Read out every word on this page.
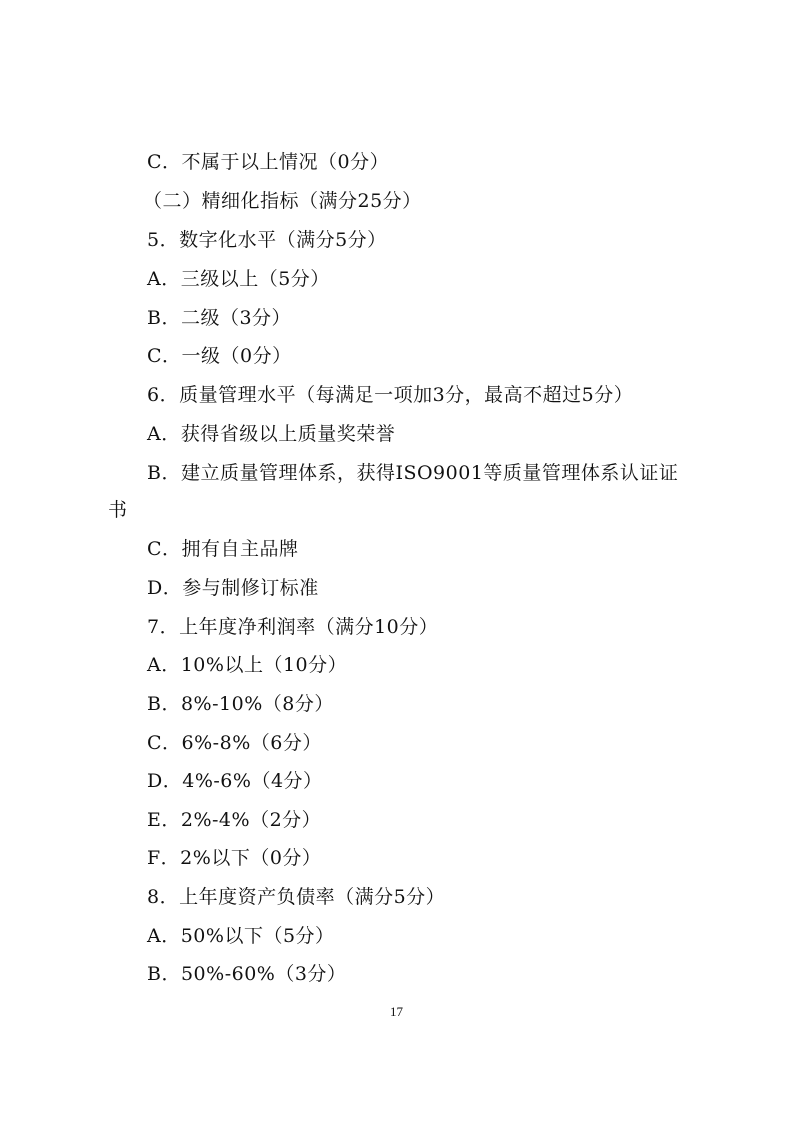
C．不属于以上情况（0分）
（二）精细化指标（满分25分）
5．数字化水平（满分5分）
A．三级以上（5分）
B．二级（3分）
C．一级（0分）
6．质量管理水平（每满足一项加3分，最高不超过5分）
A．获得省级以上质量奖荣誉
B．建立质量管理体系，获得ISO9001等质量管理体系认证证
书
C．拥有自主品牌
D．参与制修订标准
7．上年度净利润率（满分10分）
A．10%以上（10分）
B．8%-10%（8分）
C．6%-8%（6分）
D．4%-6%（4分）
E．2%-4%（2分）
F．2%以下（0分）
8．上年度资产负债率（满分5分）
A．50%以下（5分）
B．50%-60%（3分）
17
